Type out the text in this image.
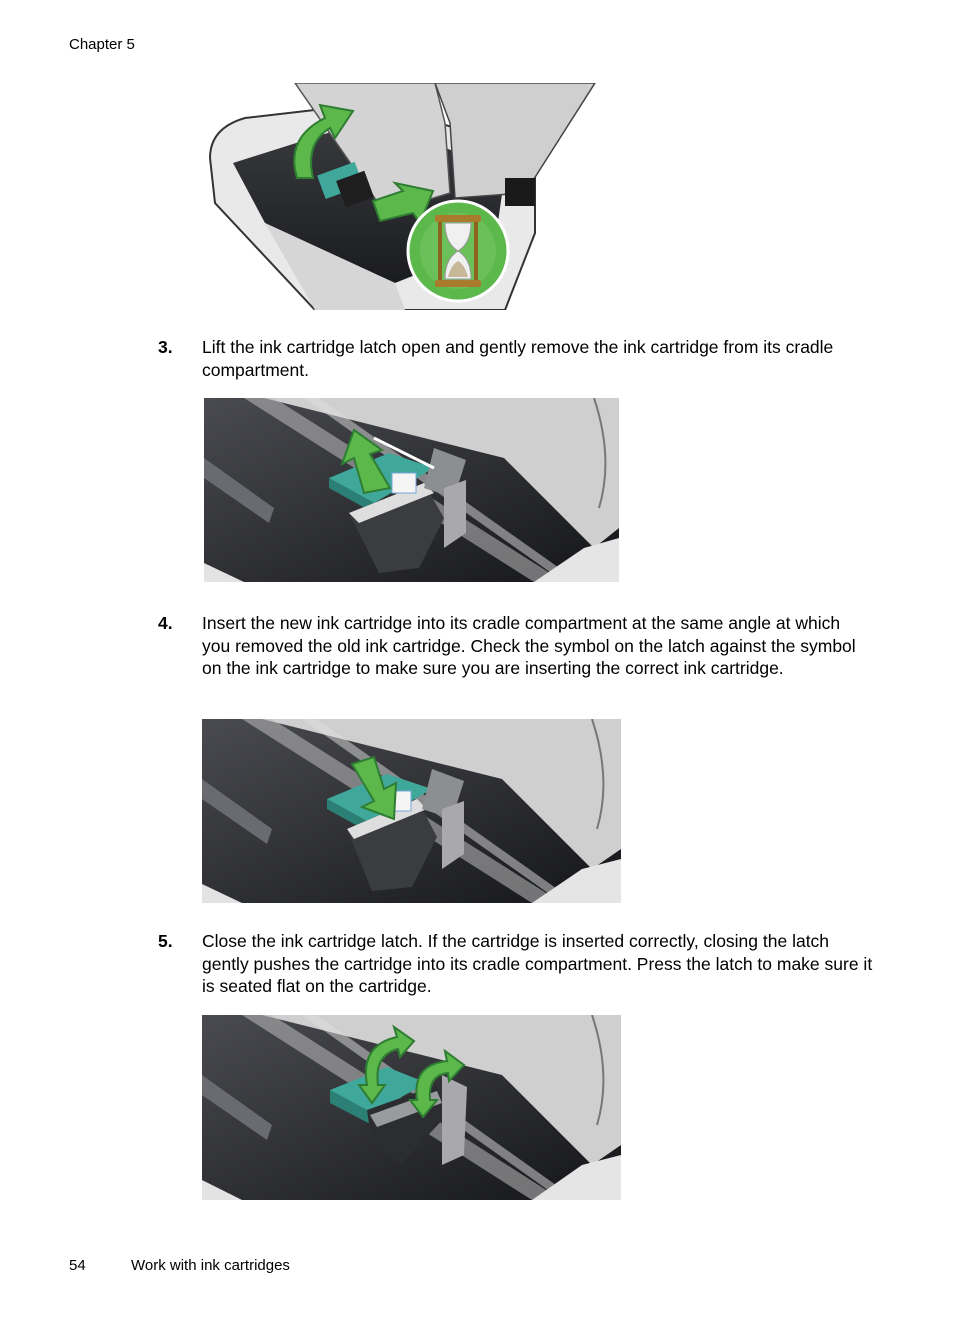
Chapter 5
3. Lift the ink cartridge latch open and gently remove the ink cartridge from its cradle compartment.
4. Insert the new ink cartridge into its cradle compartment at the same angle at which you removed the old ink cartridge. Check the symbol on the latch against the symbol on the ink cartridge to make sure you are inserting the correct ink cartridge.
5. Close the ink cartridge latch. If the cartridge is inserted correctly, closing the latch gently pushes the cartridge into its cradle compartment. Press the latch to make sure it is seated flat on the cartridge.
54	Work with ink cartridges
